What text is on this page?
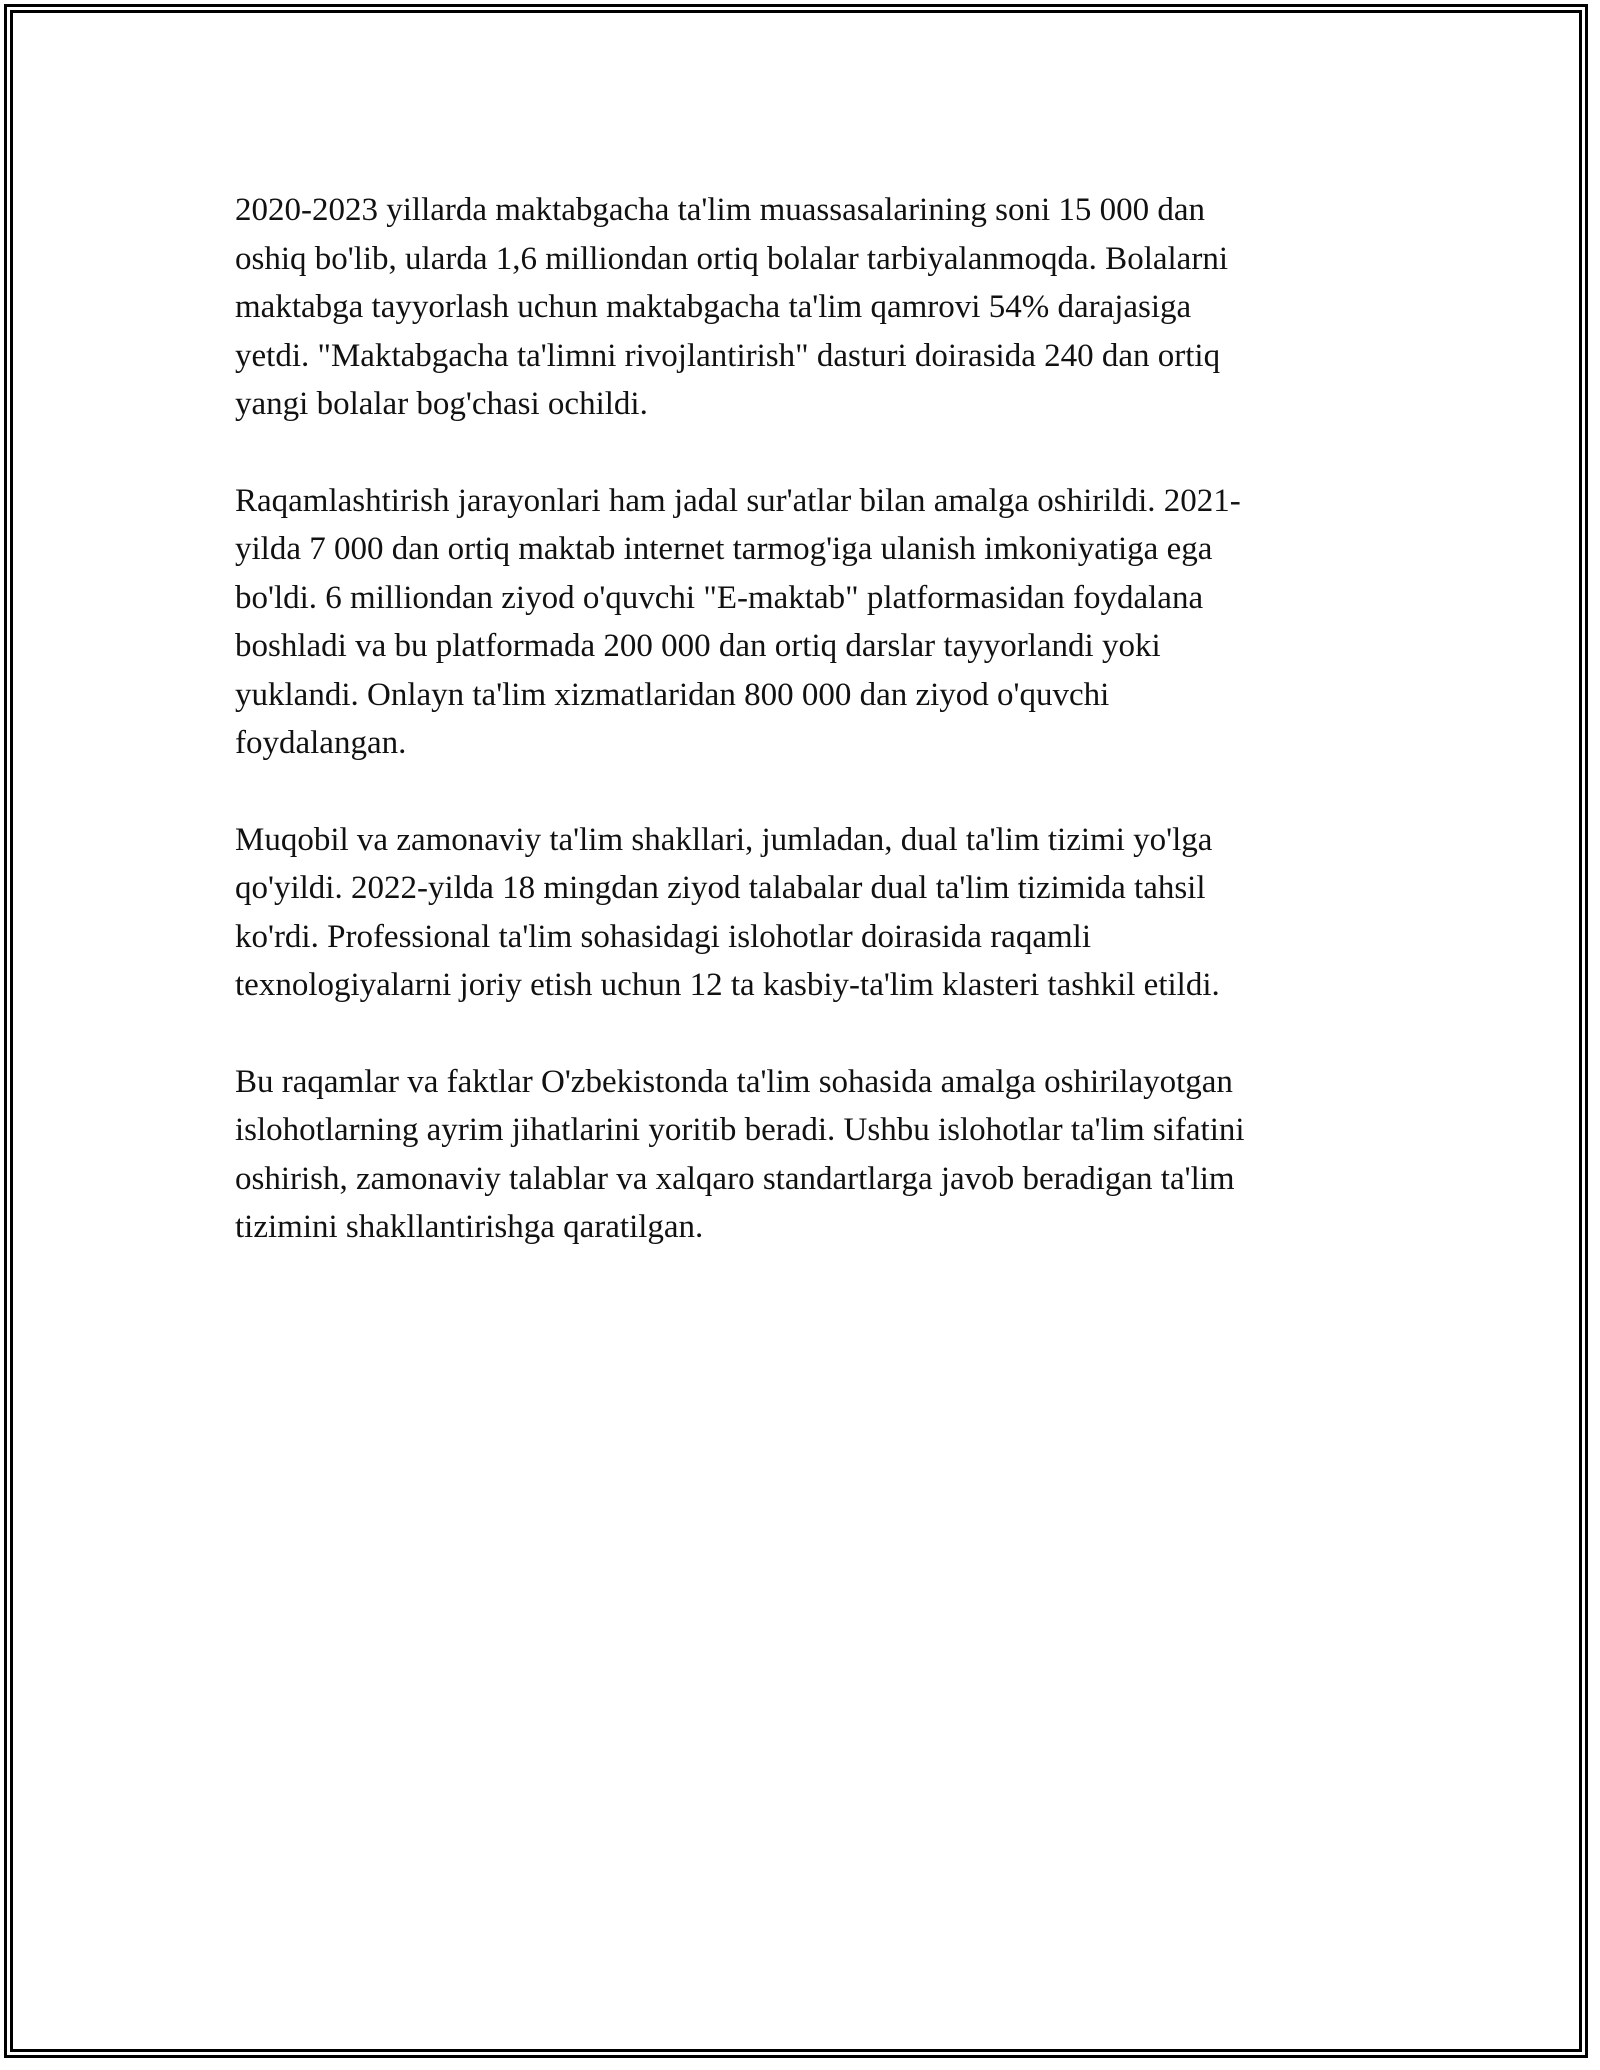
2020-2023 yillarda maktabgacha ta'lim muassasalarining soni 15 000 dan
oshiq bo'lib, ularda 1,6 milliondan ortiq bolalar tarbiyalanmoqda. Bolalarni
maktabga tayyorlash uchun maktabgacha ta'lim qamrovi 54% darajasiga
yetdi. "Maktabgacha ta'limni rivojlantirish" dasturi doirasida 240 dan ortiq
yangi bolalar bog'chasi ochildi.

Raqamlashtirish jarayonlari ham jadal sur'atlar bilan amalga oshirildi. 2021-
yilda 7 000 dan ortiq maktab internet tarmog'iga ulanish imkoniyatiga ega
bo'ldi. 6 milliondan ziyod o'quvchi "E-maktab" platformasidan foydalana
boshladi va bu platformada 200 000 dan ortiq darslar tayyorlandi yoki
yuklandi. Onlayn ta'lim xizmatlaridan 800 000 dan ziyod o'quvchi
foydalangan.

Muqobil va zamonaviy ta'lim shakllari, jumladan, dual ta'lim tizimi yo'lga
qo'yildi. 2022-yilda 18 mingdan ziyod talabalar dual ta'lim tizimida tahsil
ko'rdi. Professional ta'lim sohasidagi islohotlar doirasida raqamli
texnologiyalarni joriy etish uchun 12 ta kasbiy-ta'lim klasteri tashkil etildi.

Bu raqamlar va faktlar O'zbekistonda ta'lim sohasida amalga oshirilayotgan
islohotlarning ayrim jihatlarini yoritib beradi. Ushbu islohotlar ta'lim sifatini
oshirish, zamonaviy talablar va xalqaro standartlarga javob beradigan ta'lim
tizimini shakllantirishga qaratilgan.
